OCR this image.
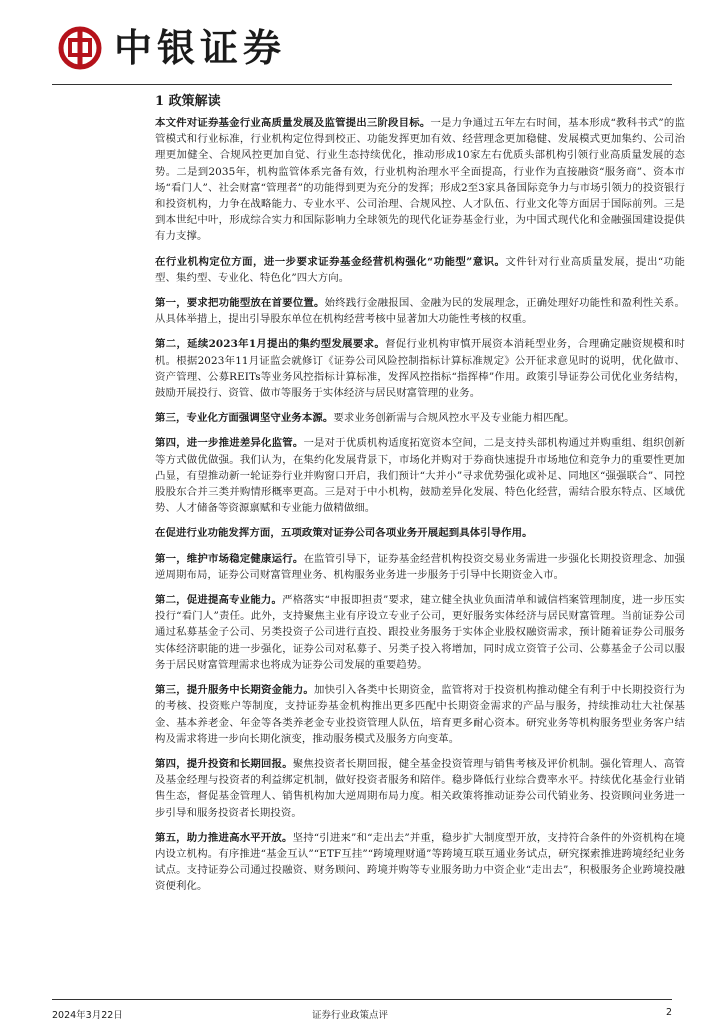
中银证券
1 政策解读
本文件对证券基金行业高质量发展及监管提出三阶段目标。一是力争通过五年左右时间，基本形成“教科书式”的监管模式和行业标准，行业机构定位得到校正、功能发挥更加有效、经营理念更加稳健、发展模式更加集约、公司治理更加健全、合规风控更加自觉、行业生态持续优化，推动形成10家左右优质头部机构引领行业高质量发展的态势。二是到2035年，机构监管体系完备有效，行业机构治理水平全面提高，行业作为直接融资“服务商”、资本市场“看门人”、社会财富“管理者”的功能得到更为充分的发挥；形成2至3家具备国际竞争力与市场引领力的投资银行和投资机构，力争在战略能力、专业水平、公司治理、合规风控、人才队伍、行业文化等方面居于国际前列。三是到本世纪中叶，形成综合实力和国际影响力全球领先的现代化证券基金行业，为中国式现代化和金融强国建设提供有力支撑。
在行业机构定位方面，进一步要求证券基金经营机构强化“功能型”意识。文件针对行业高质量发展，提出“功能型、集约型、专业化、特色化”四大方向。
第一，要求把功能型放在首要位置。始终践行金融报国、金融为民的发展理念，正确处理好功能性和盈利性关系。从具体举措上，提出引导股东单位在机构经营考核中显著加大功能性考核的权重。
第二，延续2023年1月提出的集约型发展要求。督促行业机构审慎开展资本消耗型业务，合理确定融资规模和时机。根据2023年11月证监会就修订《证券公司风险控制指标计算标准规定》公开征求意见时的说明，优化做市、资产管理、公募REITs等业务风控指标计算标准，发挥风控指标“指挥棒”作用。政策引导证券公司优化业务结构，鼓励开展投行、资管、做市等服务于实体经济与居民财富管理的业务。
第三，专业化方面强调坚守业务本源。要求业务创新需与合规风控水平及专业能力相匹配。
第四，进一步推进差异化监管。一是对于优质机构适度拓宽资本空间，二是支持头部机构通过并购重组、组织创新等方式做优做强。我们认为，在集约化发展背景下，市场化并购对于券商快速提升市场地位和竞争力的重要性更加凸显，有望推动新一轮证券行业并购窗口开启，我们预计“大并小”寻求优势强化或补足、同地区“强强联合”、同控股股东合并三类并购情形概率更高。三是对于中小机构，鼓励差异化发展、特色化经营，需结合股东特点、区域优势、人才储备等资源禀赋和专业能力做精做细。
在促进行业功能发挥方面，五项政策对证券公司各项业务开展起到具体引导作用。
第一，维护市场稳定健康运行。在监管引导下，证券基金经营机构投资交易业务需进一步强化长期投资理念、加强逆周期布局，证券公司财富管理业务、机构服务业务进一步服务于引导中长期资金入市。
第二，促进提高专业能力。严格落实“申报即担责”要求，建立健全执业负面清单和诚信档案管理制度，进一步压实投行“看门人”责任。此外，支持聚焦主业有序设立专业子公司，更好服务实体经济与居民财富管理。当前证券公司通过私募基金子公司、另类投资子公司进行直投、跟投业务服务于实体企业股权融资需求，预计随着证券公司服务实体经济职能的进一步强化，证券公司对私募子、另类子投入将增加，同时成立资管子公司、公募基金子公司以服务于居民财富管理需求也将成为证券公司发展的重要趋势。
第三，提升服务中长期资金能力。加快引入各类中长期资金，监管将对于投资机构推动健全有利于中长期投资行为的考核、投资账户等制度，支持证券基金机构推出更多匹配中长期资金需求的产品与服务，持续推动壮大社保基金、基本养老金、年金等各类养老金专业投资管理人队伍，培育更多耐心资本。研究业务等机构服务型业务客户结构及需求将进一步向长期化演变，推动服务模式及服务方向变革。
第四，提升投资和长期回报。聚焦投资者长期回报，健全基金投资管理与销售考核及评价机制。强化管理人、高管及基金经理与投资者的利益绑定机制，做好投资者服务和陪伴。稳步降低行业综合费率水平。持续优化基金行业销售生态，督促基金管理人、销售机构加大逆周期布局力度。相关政策将推动证券公司代销业务、投资顾问业务进一步引导和服务投资者长期投资。
第五，助力推进高水平开放。坚持“引进来”和“走出去”并重，稳步扩大制度型开放，支持符合条件的外资机构在境内设立机构。有序推进“基金互认”“ETF互挂”“跨境理财通”等跨境互联互通业务试点，研究探索推进跨境经纪业务试点。支持证券公司通过投融资、财务顾问、跨境并购等专业服务助力中资企业“走出去”，积极服务企业跨境投融资便利化。
2024年3月22日	证券行业政策点评	2
